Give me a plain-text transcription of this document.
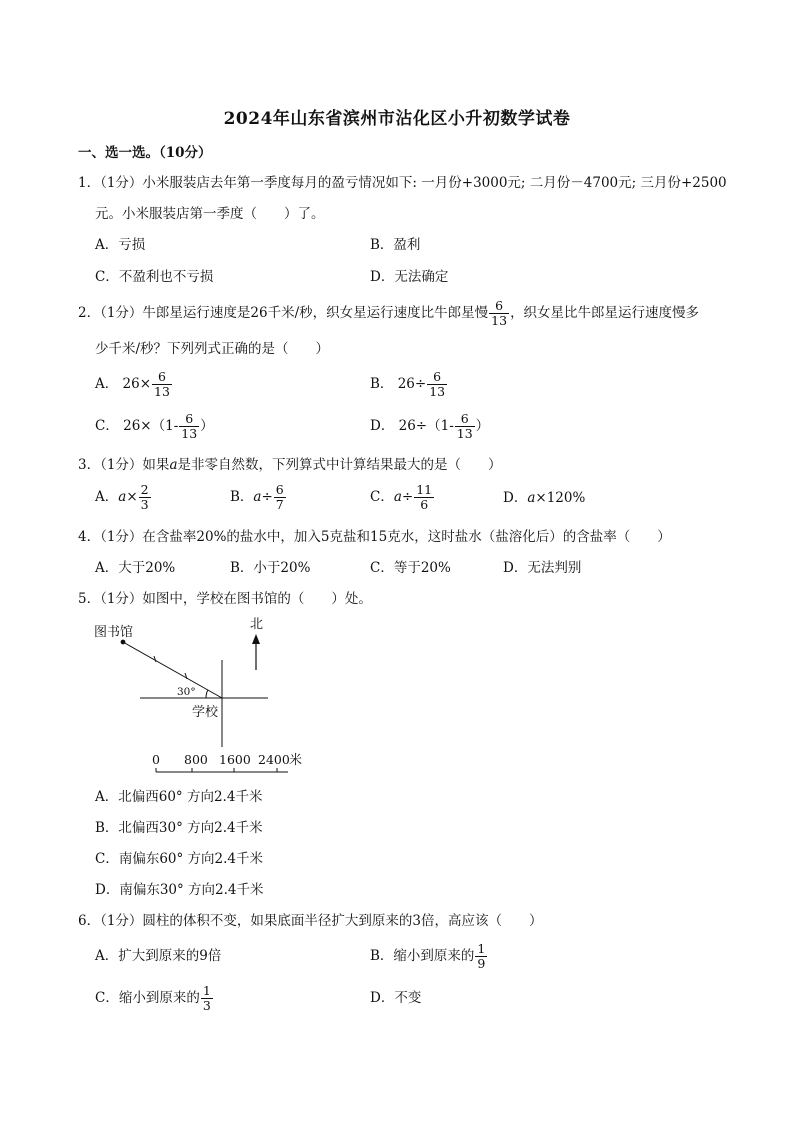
2024年山东省滨州市沾化区小升初数学试卷
一、选一选。（10分）
1．（1分）小米服装店去年第一季度每月的盈亏情况如下: 一月份+3000元; 二月份－4700元; 三月份+2500
元。小米服装店第一季度（　　）了。
A．亏损	B．盈利
C．不盈利也不亏损	D．无法确定
2．（1分）牛郎星运行速度是26千米/秒，织女星运行速度比牛郎星慢 $\frac{6}{13}$ ，织女星比牛郎星运行速度慢多
少千米/秒？下列列式正确的是（　　）
A． $26\times \frac{6}{13}$	B． $26\div \frac{6}{13}$
C． $26\times(1- \frac{6}{13}$ ）	D． $26\div(1- \frac{6}{13}$ ）
3．（1分）如果a是非零自然数，下列算式中计算结果最大的是（　　）
A．$a\times \frac{2}{3}$	B．$a\div \frac{6}{7}$	C．$a\div \frac{11}{6}$	D．a×120%
4．（1分）在含盐率20%的盐水中，加入5克盐和15克水，这时盐水（盐溶化后）的含盐率（　　）
A．大于20%	B．小于20%	C．等于20%	D．无法判别
5．（1分）如图中，学校在图书馆的（　　）处。
北
图书馆
30°
学校
0 800 1600 2400 米
A．北偏西60° 方向2.4千米
B．北偏西30° 方向2.4千米
C．南偏东60° 方向2.4千米
D．南偏东30° 方向2.4千米
6．（1分）圆柱的体积不变，如果底面半径扩大到原来的3倍，高应该（　　）
A．扩大到原来的9倍	B．缩小到原来的 $\frac{1}{9}$
C．缩小到原来的 $\frac{1}{3}$	D．不变
